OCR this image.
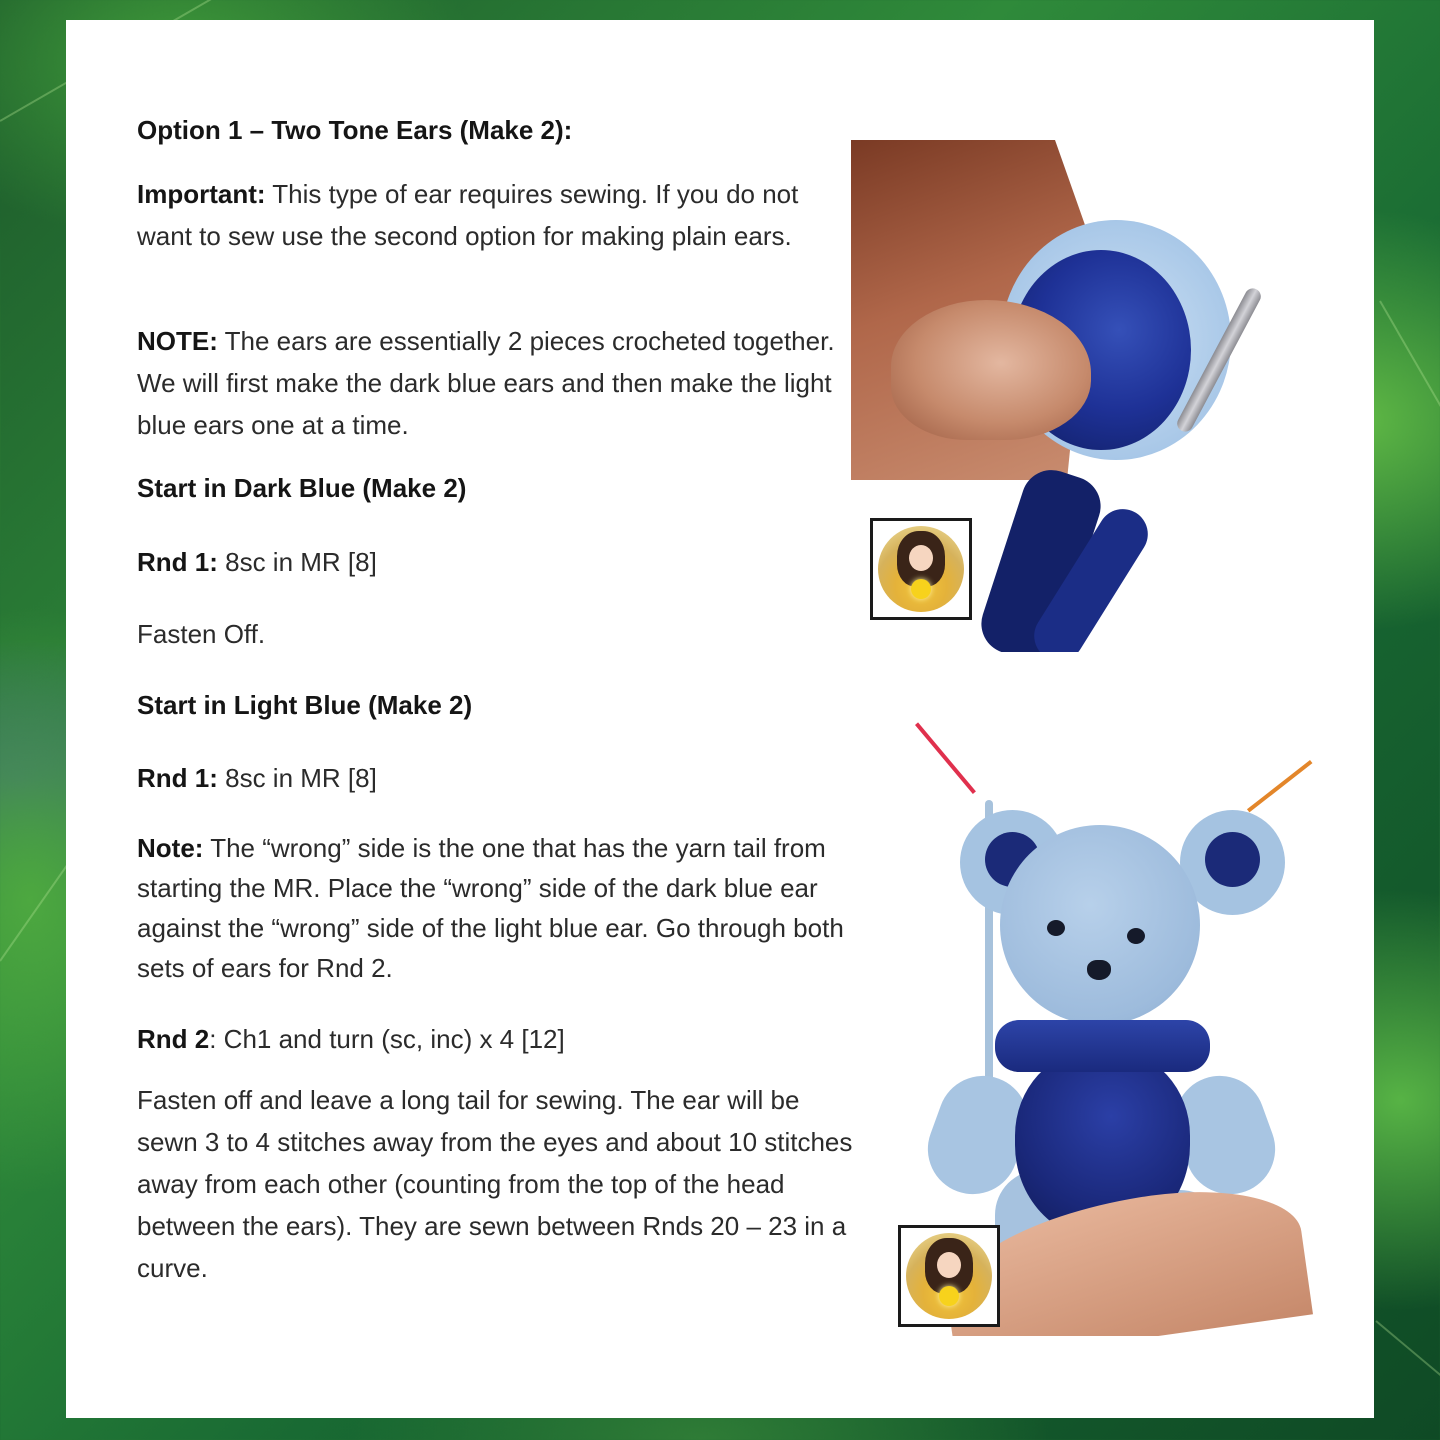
Option 1 – Two Tone Ears (Make 2):
Important: This type of ear requires sewing. If you do not want to sew use the second option for making plain ears.
NOTE: The ears are essentially 2 pieces crocheted together. We will first make the dark blue ears and then make the light blue ears one at a time.
Start in Dark Blue (Make 2)
Rnd 1: 8sc in MR [8]
Fasten Off.
Start in Light Blue (Make 2)
Rnd 1: 8sc in MR [8]
Note: The “wrong” side is the one that has the yarn tail from starting the MR. Place the “wrong” side of the dark blue ear against the “wrong” side of the light blue ear. Go through both sets of ears for Rnd 2.
Rnd 2: Ch1 and turn (sc, inc) x 4 [12]
Fasten off and leave a long tail for sewing. The ear will be sewn 3 to 4 stitches away from the eyes and about 10 stitches away from each other (counting from the top of the head between the ears). They are sewn between Rnds 20 – 23 in a curve.
